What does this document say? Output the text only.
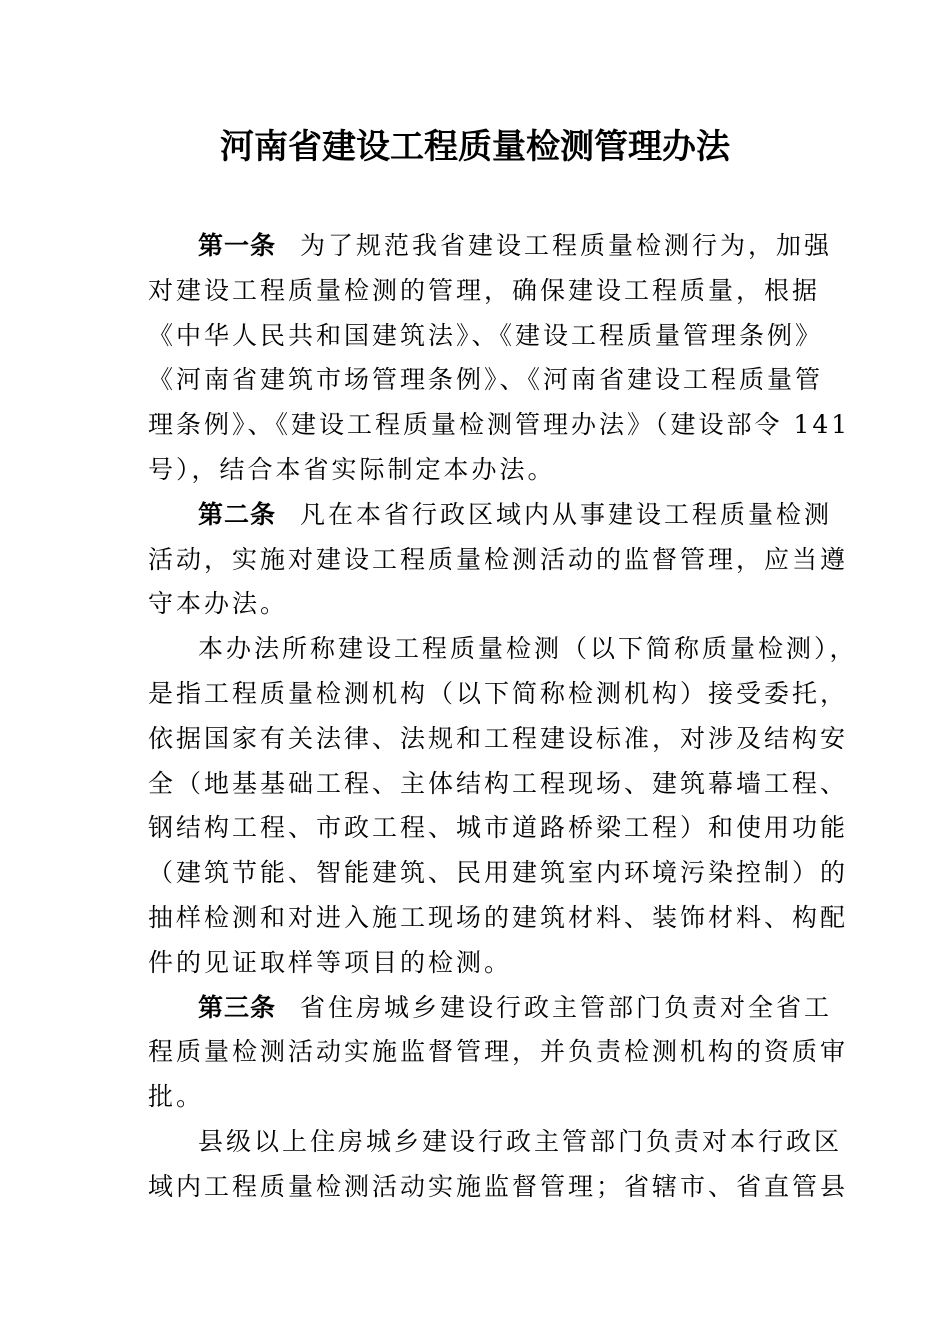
河南省建设工程质量检测管理办法
第一条 为了规范我省建设工程质量检测行为，加强
对建设工程质量检测的管理，确保建设工程质量，根据
《中华人民共和国建筑法》、《建设工程质量管理条例》
《河南省建筑市场管理条例》、《河南省建设工程质量管
理条例》、《建设工程质量检测管理办法》（建设部令 141
号），结合本省实际制定本办法。
第二条 凡在本省行政区域内从事建设工程质量检测
活动，实施对建设工程质量检测活动的监督管理，应当遵
守本办法。
本办法所称建设工程质量检测（以下简称质量检测），
是指工程质量检测机构（以下简称检测机构）接受委托，
依据国家有关法律、法规和工程建设标准，对涉及结构安
全（地基基础工程、主体结构工程现场、建筑幕墙工程、
钢结构工程、市政工程、城市道路桥梁工程）和使用功能
（建筑节能、智能建筑、民用建筑室内环境污染控制）的
抽样检测和对进入施工现场的建筑材料、装饰材料、构配
件的见证取样等项目的检测。
第三条 省住房城乡建设行政主管部门负责对全省工
程质量检测活动实施监督管理，并负责检测机构的资质审
批。
县级以上住房城乡建设行政主管部门负责对本行政区
域内工程质量检测活动实施监督管理；省辖市、省直管县
